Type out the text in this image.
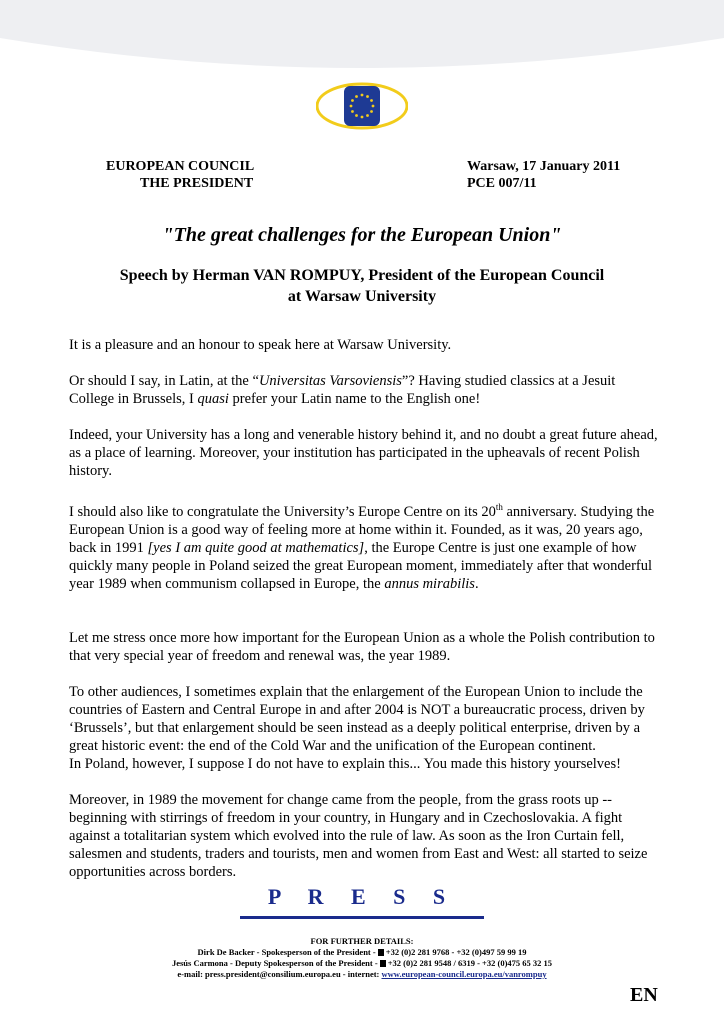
EUROPEAN COUNCIL
THE PRESIDENT
Warsaw, 17 January 2011
PCE 007/11
"The great challenges for the European Union"
Speech by Herman VAN ROMPUY, President of the European Council
at Warsaw University

It is a pleasure and an honour to speak here at Warsaw University.

Or should I say, in Latin, at the “Universitas Varsoviensis”? Having studied classics at a Jesuit College in Brussels, I quasi prefer your Latin name to the English one!

Indeed, your University has a long and venerable history behind it, and no doubt a great future ahead, as a place of learning. Moreover, your institution has participated in the upheavals of recent Polish history.

I should also like to congratulate the University’s Europe Centre on its 20th anniversary. Studying the European Union is a good way of feeling more at home within it. Founded, as it was, 20 years ago, back in 1991 [yes I am quite good at mathematics], the Europe Centre is just one example of how quickly many people in Poland seized the great European moment, immediately after that wonderful year 1989 when communism collapsed in Europe, the annus mirabilis.

Let me stress once more how important for the European Union as a whole the Polish contribution to that very special year of freedom and renewal was, the year 1989.

To other audiences, I sometimes explain that the enlargement of the European Union to include the countries of Eastern and Central Europe in and after 2004 is NOT a bureaucratic process, driven by ‘Brussels’, but that enlargement should be seen instead as a deeply political enterprise, driven by a great historic event: the end of the Cold War and the unification of the European continent.

In Poland, however, I suppose I do not have to explain this... You made this history yourselves!

Moreover, in 1989 the movement for change came from the people, from the grass roots up -- beginning with stirrings of freedom in your country, in Hungary and in Czechoslovakia. A fight against a totalitarian system which evolved into the rule of law. As soon as the Iron Curtain fell, salesmen and students, traders and tourists, men and women from East and West: all started to seize opportunities across borders.

P R E S S
FOR FURTHER DETAILS:
Dirk De Backer - Spokesperson of the President - +32 (0)2 281 9768 - +32 (0)497 59 99 19
Jesús Carmona - Deputy Spokesperson of the President - +32 (0)2 281 9548 / 6319 - +32 (0)475 65 32 15
e-mail: press.president@consilium.europa.eu - internet: www.european-council.europa.eu/vanrompuy
EN
